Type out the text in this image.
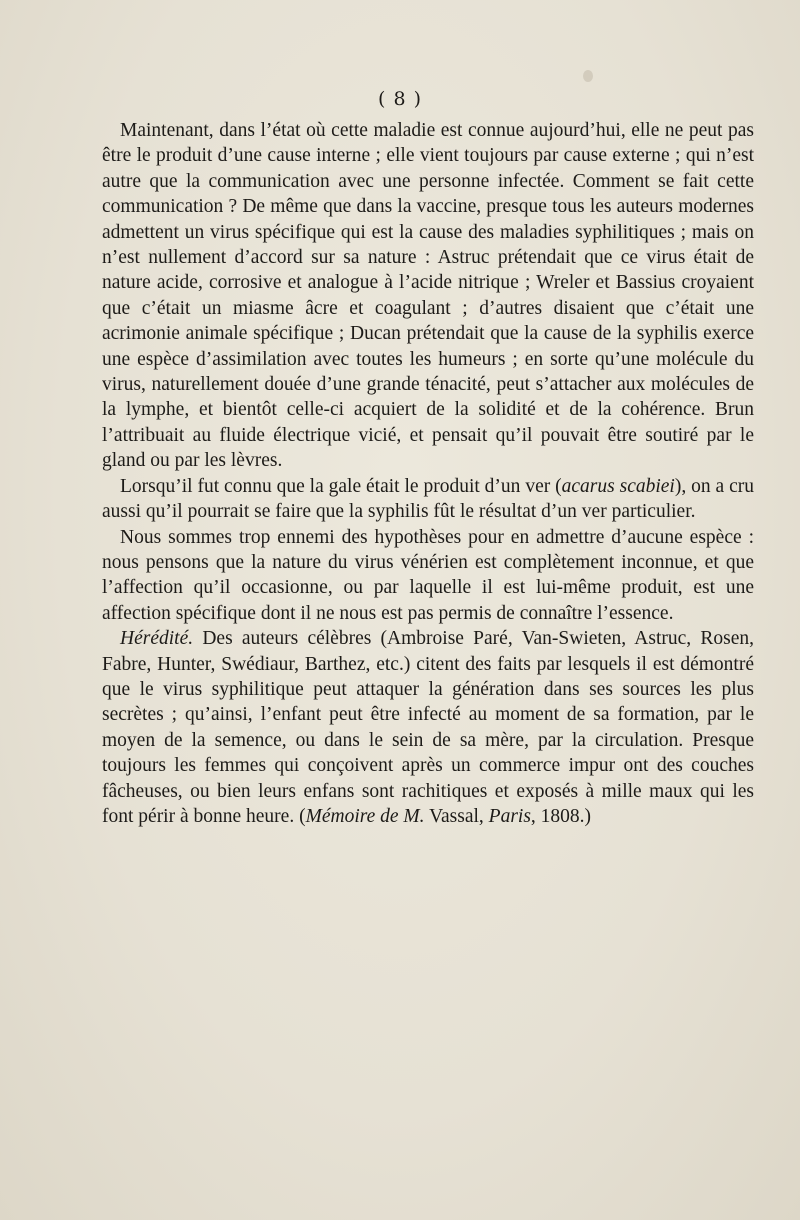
( 8 )

Maintenant, dans l’état où cette maladie est connue aujourd’hui, elle ne peut pas être le produit d’une cause interne ; elle vient toujours par cause externe ; qui n’est autre que la communication avec une personne infectée. Comment se fait cette communication ? De même que dans la vaccine, presque tous les auteurs modernes admettent un virus spécifique qui est la cause des maladies syphilitiques ; mais on n’est nullement d’accord sur sa nature : Astruc prétendait que ce virus était de nature acide, corrosive et analogue à l’acide nitrique ; Wreler et Bassius croyaient que c’était un miasme âcre et coagulant ; d’autres disaient que c’était une acrimonie animale spécifique ; Ducan prétendait que la cause de la syphilis exerce une espèce d’assimilation avec toutes les humeurs ; en sorte qu’une molécule du virus, naturellement douée d’une grande ténacité, peut s’attacher aux molécules de la lymphe, et bientôt celle-ci acquiert de la solidité et de la cohérence. Brun l’attribuait au fluide électrique vicié, et pensait qu’il pouvait être soutiré par le gland ou par les lèvres.

Lorsqu’il fut connu que la gale était le produit d’un ver (acarus scabiei), on a cru aussi qu’il pourrait se faire que la syphilis fût le résultat d’un ver particulier.

Nous sommes trop ennemi des hypothèses pour en admettre d’aucune espèce : nous pensons que la nature du virus vénérien est complètement inconnue, et que l’affection qu’il occasionne, ou par laquelle il est lui-même produit, est une affection spécifique dont il ne nous est pas permis de connaître l’essence.

Hérédité. Des auteurs célèbres (Ambroise Paré, Van-Swieten, Astruc, Rosen, Fabre, Hunter, Swédiaur, Barthez, etc.) citent des faits par lesquels il est démontré que le virus syphilitique peut attaquer la génération dans ses sources les plus secrètes ; qu’ainsi, l’enfant peut être infecté au moment de sa formation, par le moyen de la semence, ou dans le sein de sa mère, par la circulation. Presque toujours les femmes qui conçoivent après un commerce impur ont des couches fâcheuses, ou bien leurs enfans sont rachitiques et exposés à mille maux qui les font périr à bonne heure. (Mémoire de M. Vassal, Paris, 1808.)
